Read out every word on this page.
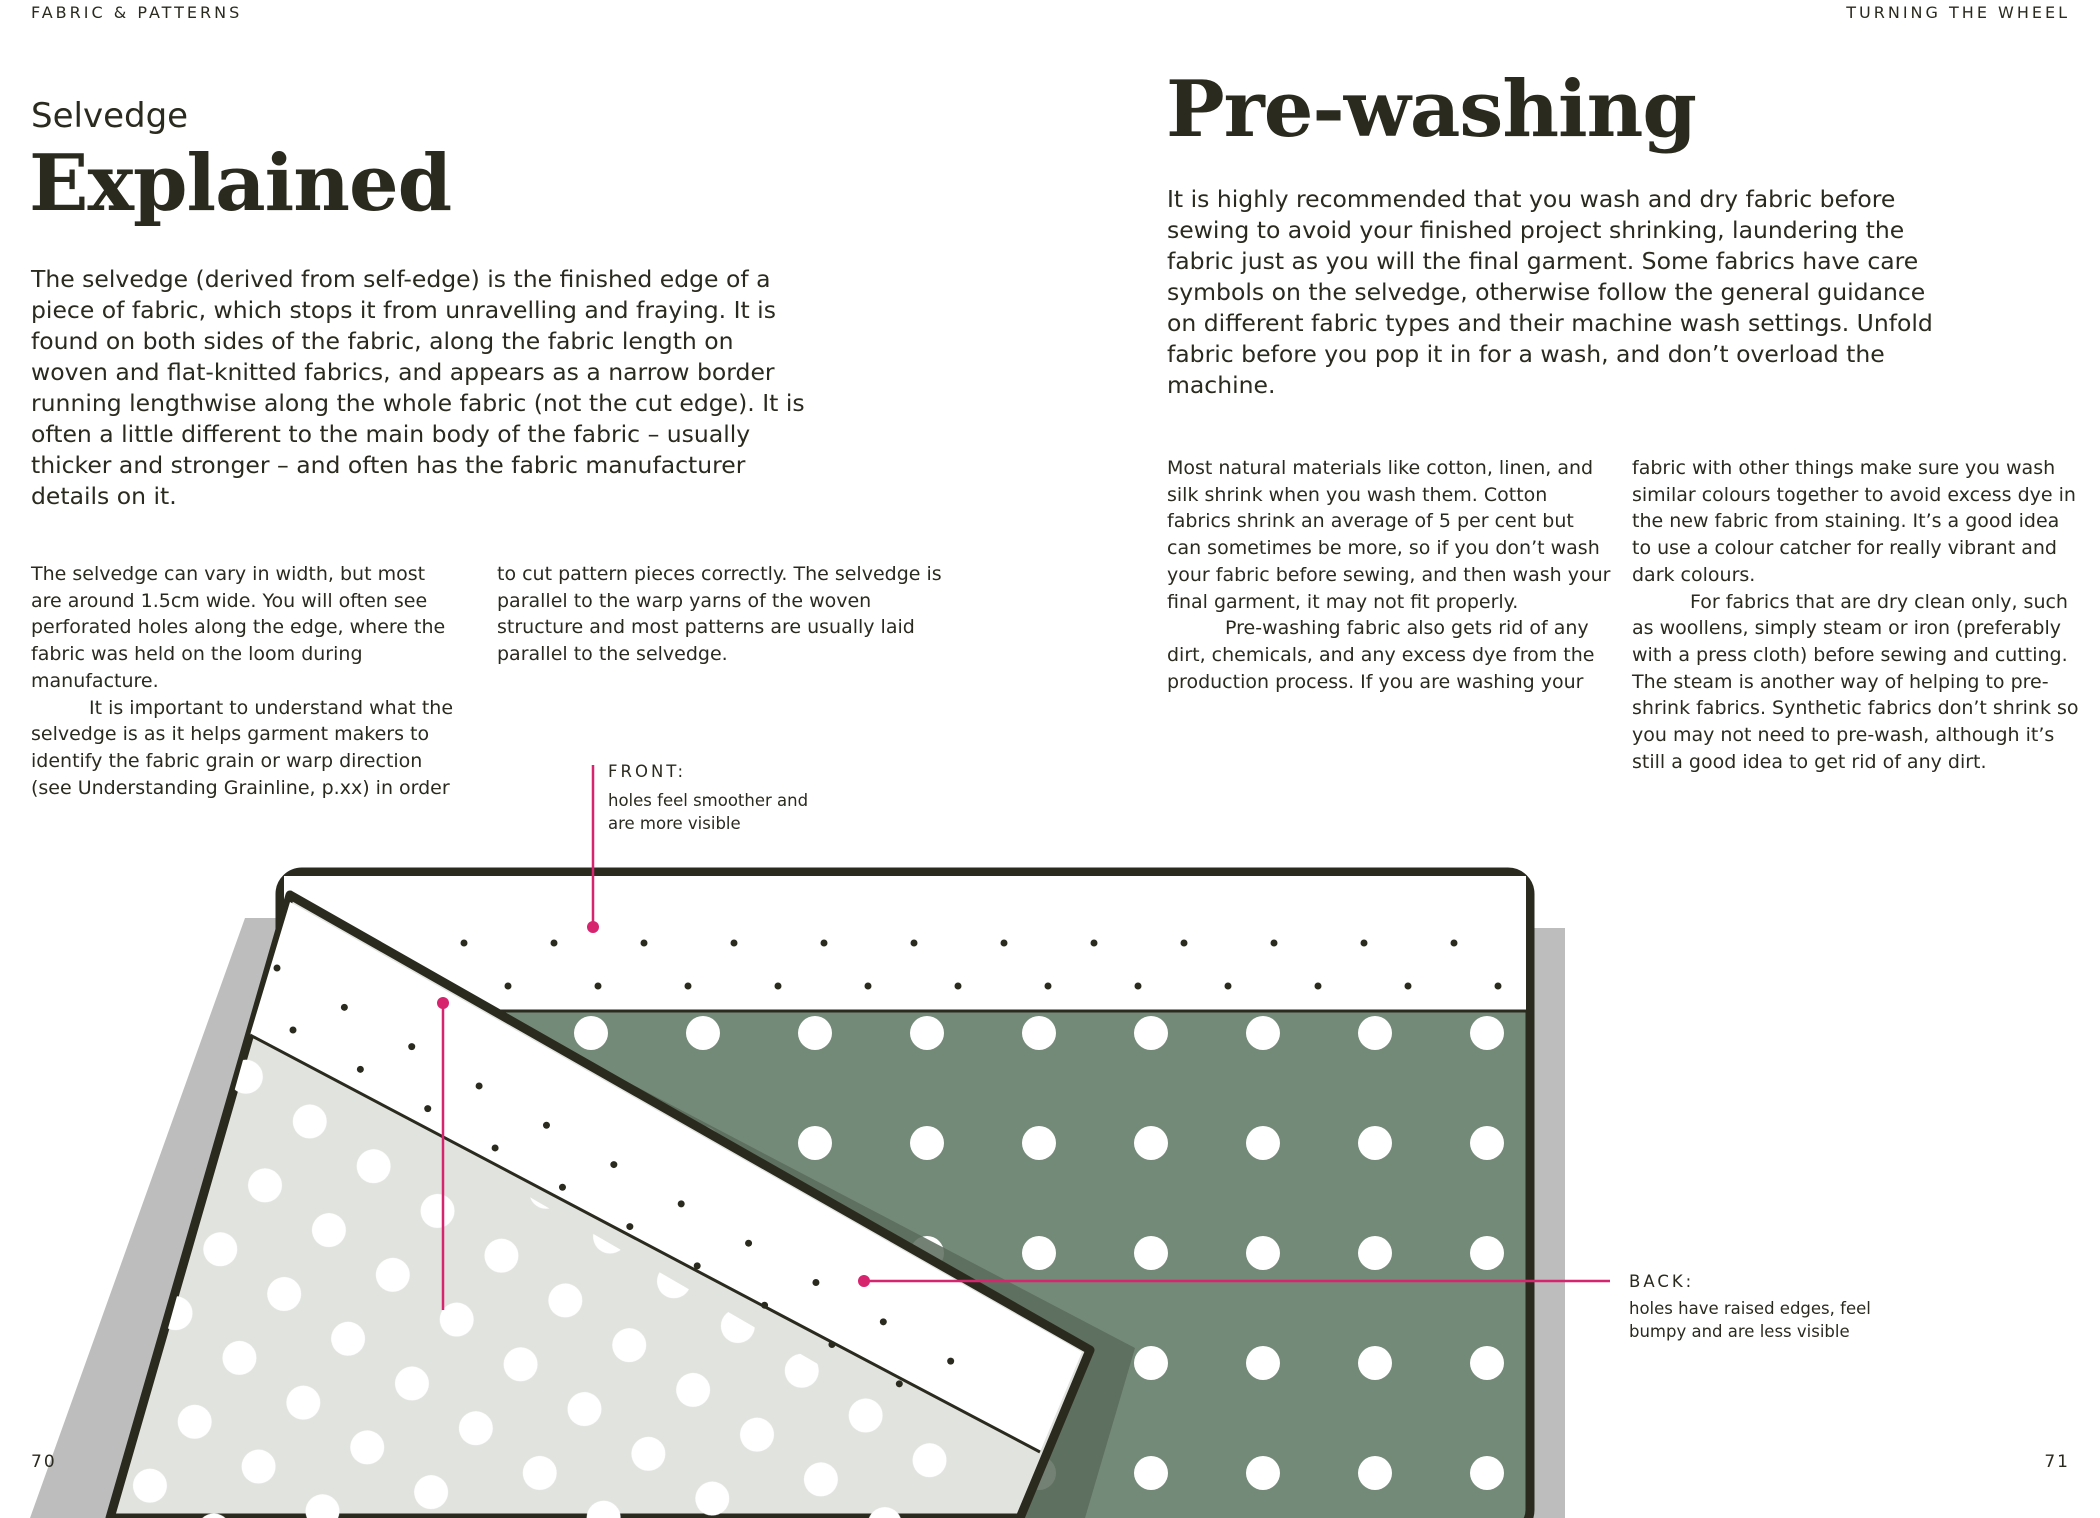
FABRIC & PATTERNS	TURNING THE WHEEL

Selvedge
Explained
Pre-washing

The selvedge (derived from self-edge) is the finished edge of a piece of fabric, which stops it from unravelling and fraying. It is found on both sides of the fabric, along the fabric length on woven and flat-knitted fabrics, and appears as a narrow border running lengthwise along the whole fabric (not the cut edge). It is often a little different to the main body of the fabric – usually thicker and stronger – and often has the fabric manufacturer details on it.

It is highly recommended that you wash and dry fabric before sewing to avoid your finished project shrinking, laundering the fabric just as you will the final garment. Some fabrics have care symbols on the selvedge, otherwise follow the general guidance on different fabric types and their machine wash settings. Unfold fabric before you pop it in for a wash, and don’t overload the machine.

The selvedge can vary in width, but most are around 1.5cm wide. You will often see perforated holes along the edge, where the fabric was held on the loom during manufacture.

It is important to understand what the selvedge is as it helps garment makers to identify the fabric grain or warp direction (see Understanding Grainline, p.xx) in order

to cut pattern pieces correctly. The selvedge is parallel to the warp yarns of the woven structure and most patterns are usually laid parallel to the selvedge.

Most natural materials like cotton, linen, and silk shrink when you wash them. Cotton fabrics shrink an average of 5 per cent but can sometimes be more, so if you don’t wash your fabric before sewing, and then wash your final garment, it may not fit properly.

Pre-washing fabric also gets rid of any dirt, chemicals, and any excess dye from the production process. If you are washing your

fabric with other things make sure you wash similar colours together to avoid excess dye in the new fabric from staining. It’s a good idea to use a colour catcher for really vibrant and dark colours.

For fabrics that are dry clean only, such as woollens, simply steam or iron (preferably with a press cloth) before sewing and cutting. The steam is another way of helping to pre-shrink fabrics. Synthetic fabrics don’t shrink so you may not need to pre-wash, although it’s still a good idea to get rid of any dirt.

FRONT:

holes feel smoother and are more visible

BACK:

holes have raised edges, feel bumpy and are less visible

70	71
